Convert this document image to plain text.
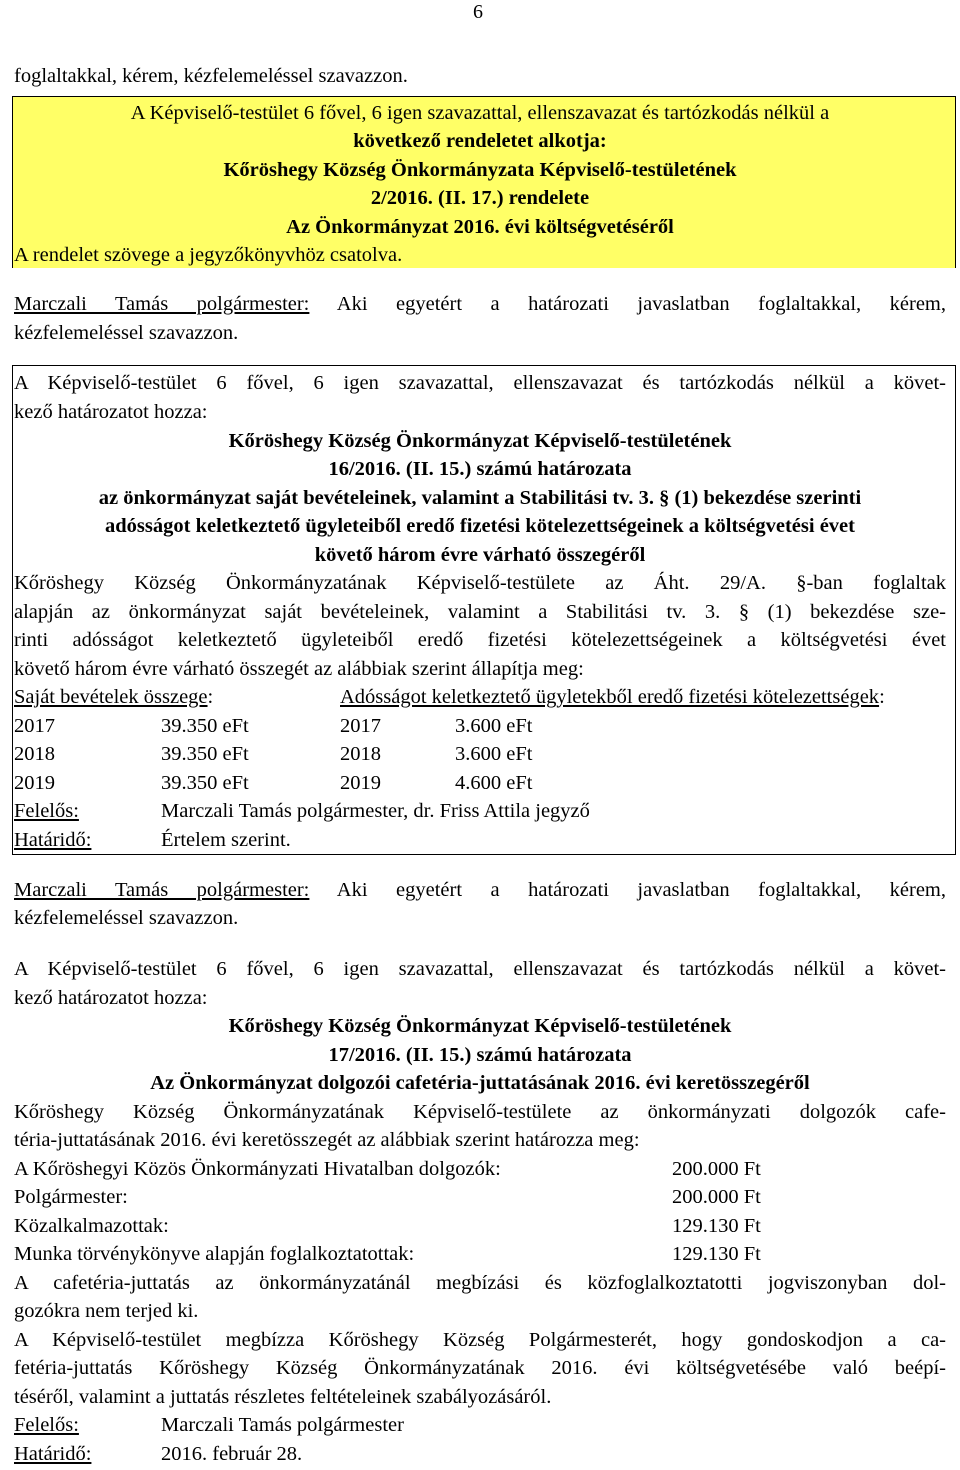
6
foglaltakkal, kérem, kézfelemeléssel szavazzon.
A Képviselő-testület 6 fővel, 6 igen szavazattal, ellenszavazat és tartózkodás nélkül a
következő rendeletet alkotja:
Kőröshegy Község Önkormányzata Képviselő-testületének
2/2016. (II. 17.) rendelete
Az Önkormányzat 2016. évi költségvetéséről
A rendelet szövege a jegyzőkönyvhöz csatolva.
Marczali Tamás polgármester: Aki egyetért a határozati javaslatban foglaltakkal, kérem,
kézfelemeléssel szavazzon.
A Képviselő-testület 6 fővel, 6 igen szavazattal, ellenszavazat és tartózkodás nélkül a követ-
kező határozatot hozza:
Kőröshegy Község Önkormányzat Képviselő-testületének
16/2016. (II. 15.) számú határozata
az önkormányzat saját bevételeinek, valamint a Stabilitási tv. 3. § (1) bekezdése szerinti
adósságot keletkeztető ügyleteiből eredő fizetési kötelezettségeinek a költségvetési évet
követő három évre várható összegéről
Kőröshegy Község Önkormányzatának Képviselő-testülete az Áht. 29/A. §-ban foglaltak
alapján az önkormányzat saját bevételeinek, valamint a Stabilitási tv. 3. § (1) bekezdése sze-
rinti adósságot keletkeztető ügyleteiből eredő fizetési kötelezettségeinek a költségvetési évet
követő három évre várható összegét az alábbiak szerint állapítja meg:
Saját bevételek összege:	Adósságot keletkeztető ügyletekből eredő fizetési kötelezettségek:
2017	39.350 eFt	2017	3.600 eFt
2018	39.350 eFt	2018	3.600 eFt
2019	39.350 eFt	2019	4.600 eFt
Felelős:	Marczali Tamás polgármester, dr. Friss Attila jegyző
Határidő:	Értelem szerint.
Marczali Tamás polgármester: Aki egyetért a határozati javaslatban foglaltakkal, kérem,
kézfelemeléssel szavazzon.
A Képviselő-testület 6 fővel, 6 igen szavazattal, ellenszavazat és tartózkodás nélkül a követ-
kező határozatot hozza:
Kőröshegy Község Önkormányzat Képviselő-testületének
17/2016. (II. 15.) számú határozata
Az Önkormányzat dolgozói cafetéria-juttatásának 2016. évi keretösszegéről
Kőröshegy Község Önkormányzatának Képviselő-testülete az önkormányzati dolgozók cafe-
téria-juttatásának 2016. évi keretösszegét az alábbiak szerint határozza meg:
A Kőröshegyi Közös Önkormányzati Hivatalban dolgozók:	200.000 Ft
Polgármester:	200.000 Ft
Közalkalmazottak:	129.130 Ft
Munka törvénykönyve alapján foglalkoztatottak:	129.130 Ft
A cafetéria-juttatás az önkormányzatánál megbízási és közfoglalkoztatotti jogviszonyban dol-
gozókra nem terjed ki.
A Képviselő-testület megbízza Kőröshegy Község Polgármesterét, hogy gondoskodjon a ca-
fetéria-juttatás Kőröshegy Község Önkormányzatának 2016. évi költségvetésébe való beépí-
téséről, valamint a juttatás részletes feltételeinek szabályozásáról.
Felelős:	Marczali Tamás polgármester
Határidő:	2016. február 28.
